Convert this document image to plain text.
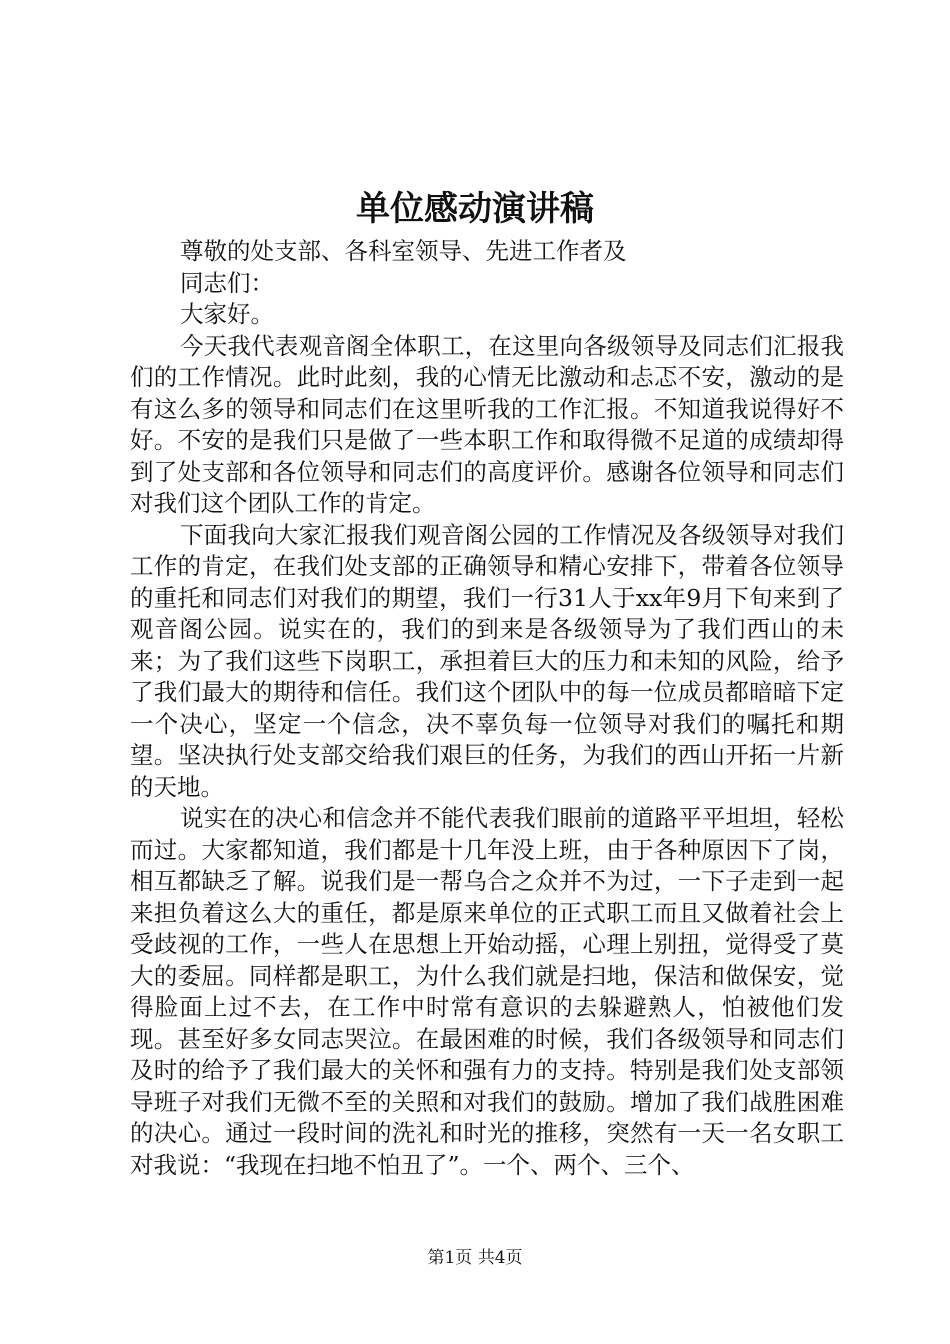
单位感动演讲稿

尊敬的处支部、各科室领导、先进工作者及

同志们：

大家好。

今天我代表观音阁全体职工，在这里向各级领导及同志们汇报我们的工作情况。此时此刻，我的心情无比激动和忐忑不安，激动的是有这么多的领导和同志们在这里听我的工作汇报。不知道我说得好不好。不安的是我们只是做了一些本职工作和取得微不足道的成绩却得到了处支部和各位领导和同志们的高度评价。感谢各位领导和同志们对我们这个团队工作的肯定。

下面我向大家汇报我们观音阁公园的工作情况及各级领导对我们工作的肯定，在我们处支部的正确领导和精心安排下，带着各位领导的重托和同志们对我们的期望，我们一行31人于xx年9月下旬来到了观音阁公园。说实在的，我们的到来是各级领导为了我们西山的未来；为了我们这些下岗职工，承担着巨大的压力和未知的风险，给予了我们最大的期待和信任。我们这个团队中的每一位成员都暗暗下定一个决心，坚定一个信念，决不辜负每一位领导对我们的嘱托和期望。坚决执行处支部交给我们艰巨的任务，为我们的西山开拓一片新的天地。

说实在的决心和信念并不能代表我们眼前的道路平平坦坦，轻松而过。大家都知道，我们都是十几年没上班，由于各种原因下了岗，相互都缺乏了解。说我们是一帮乌合之众并不为过，一下子走到一起来担负着这么大的重任，都是原来单位的正式职工而且又做着社会上受歧视的工作，一些人在思想上开始动摇，心理上别扭，觉得受了莫大的委屈。同样都是职工，为什么我们就是扫地，保洁和做保安，觉得脸面上过不去，在工作中时常有意识的去躲避熟人，怕被他们发现。甚至好多女同志哭泣。在最困难的时候，我们各级领导和同志们及时的给予了我们最大的关怀和强有力的支持。特别是我们处支部领导班子对我们无微不至的关照和对我们的鼓励。增加了我们战胜困难的决心。通过一段时间的洗礼和时光的推移，突然有一天一名女职工对我说：“我现在扫地不怕丑了”。一个、两个、三个、

第1页 共4页
